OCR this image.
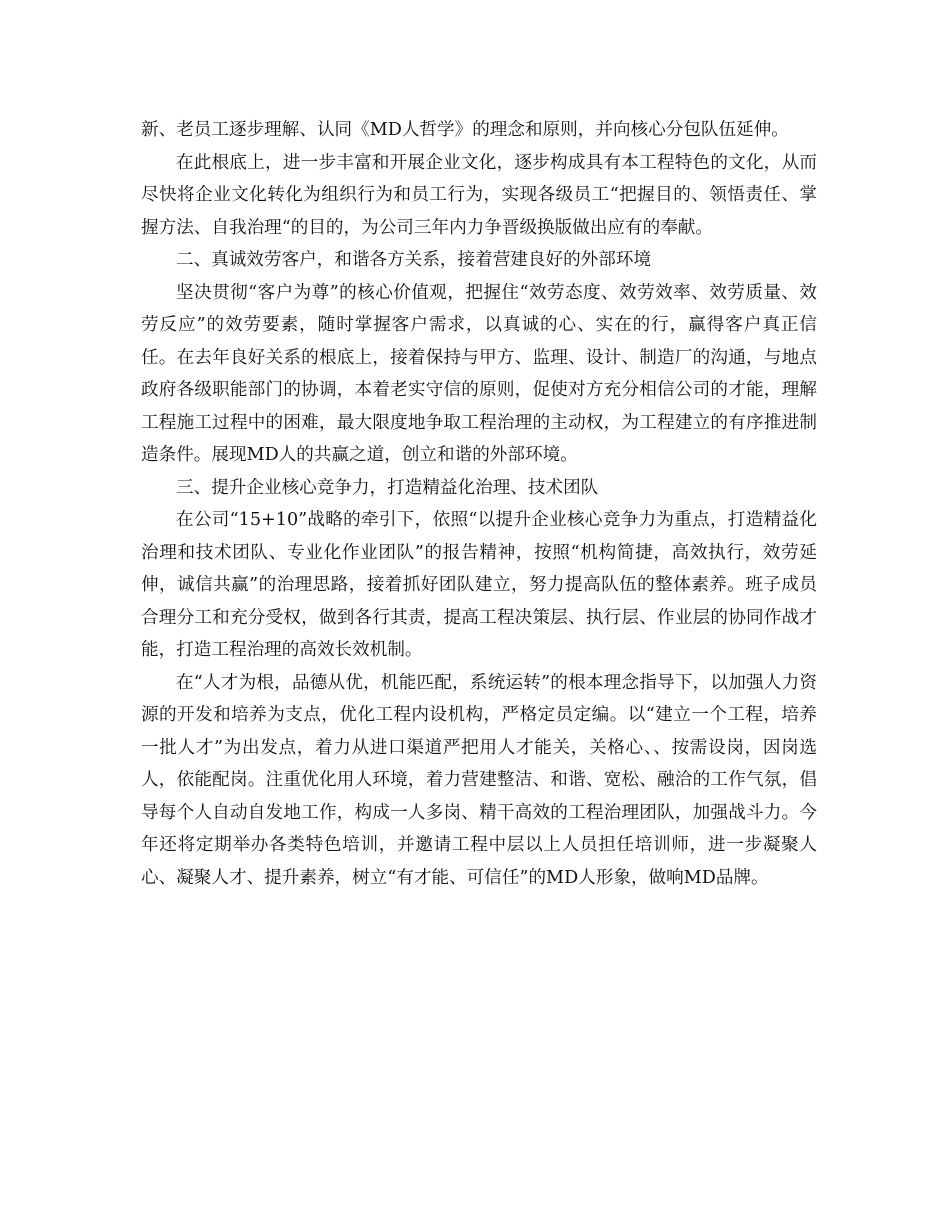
新、老员工逐步理解、认同《MD人哲学》的理念和原则，并向核心分包队伍延伸。

在此根底上，进一步丰富和开展企业文化，逐步构成具有本工程特色的文化，从而尽快将企业文化转化为组织行为和员工行为，实现各级员工“把握目的、领悟责任、掌握方法、自我治理“的目的，为公司三年内力争晋级换版做出应有的奉献。

二、真诚效劳客户，和谐各方关系，接着营建良好的外部环境

坚决贯彻“客户为尊”的核心价值观，把握住“效劳态度、效劳效率、效劳质量、效劳反应”的效劳要素，随时掌握客户需求，以真诚的心、实在的行，赢得客户真正信任。在去年良好关系的根底上，接着保持与甲方、监理、设计、制造厂的沟通，与地点政府各级职能部门的协调，本着老实守信的原则，促使对方充分相信公司的才能，理解工程施工过程中的困难，最大限度地争取工程治理的主动权，为工程建立的有序推进制造条件。展现MD人的共赢之道，创立和谐的外部环境。

三、提升企业核心竞争力，打造精益化治理、技术团队

在公司“15+10”战略的牵引下，依照“以提升企业核心竞争力为重点，打造精益化治理和技术团队、专业化作业团队”的报告精神，按照“机构简捷，高效执行，效劳延伸，诚信共赢”的治理思路，接着抓好团队建立，努力提高队伍的整体素养。班子成员合理分工和充分受权，做到各行其责，提高工程决策层、执行层、作业层的协同作战才能，打造工程治理的高效长效机制。

在“人才为根，品德从优，机能匹配，系统运转”的根本理念指导下，以加强人力资源的开发和培养为支点，优化工程内设机构，严格定员定编。以“建立一个工程，培养一批人才”为出发点，着力从进口渠道严把用人才能关，关格心、、按需设岗，因岗选人，依能配岗。注重优化用人环境，着力营建整洁、和谐、宽松、融洽的工作气氛，倡导每个人自动自发地工作，构成一人多岗、精干高效的工程治理团队，加强战斗力。今年还将定期举办各类特色培训，并邀请工程中层以上人员担任培训师，进一步凝聚人心、凝聚人才、提升素养，树立“有才能、可信任”的MD人形象，做响MD品牌。
